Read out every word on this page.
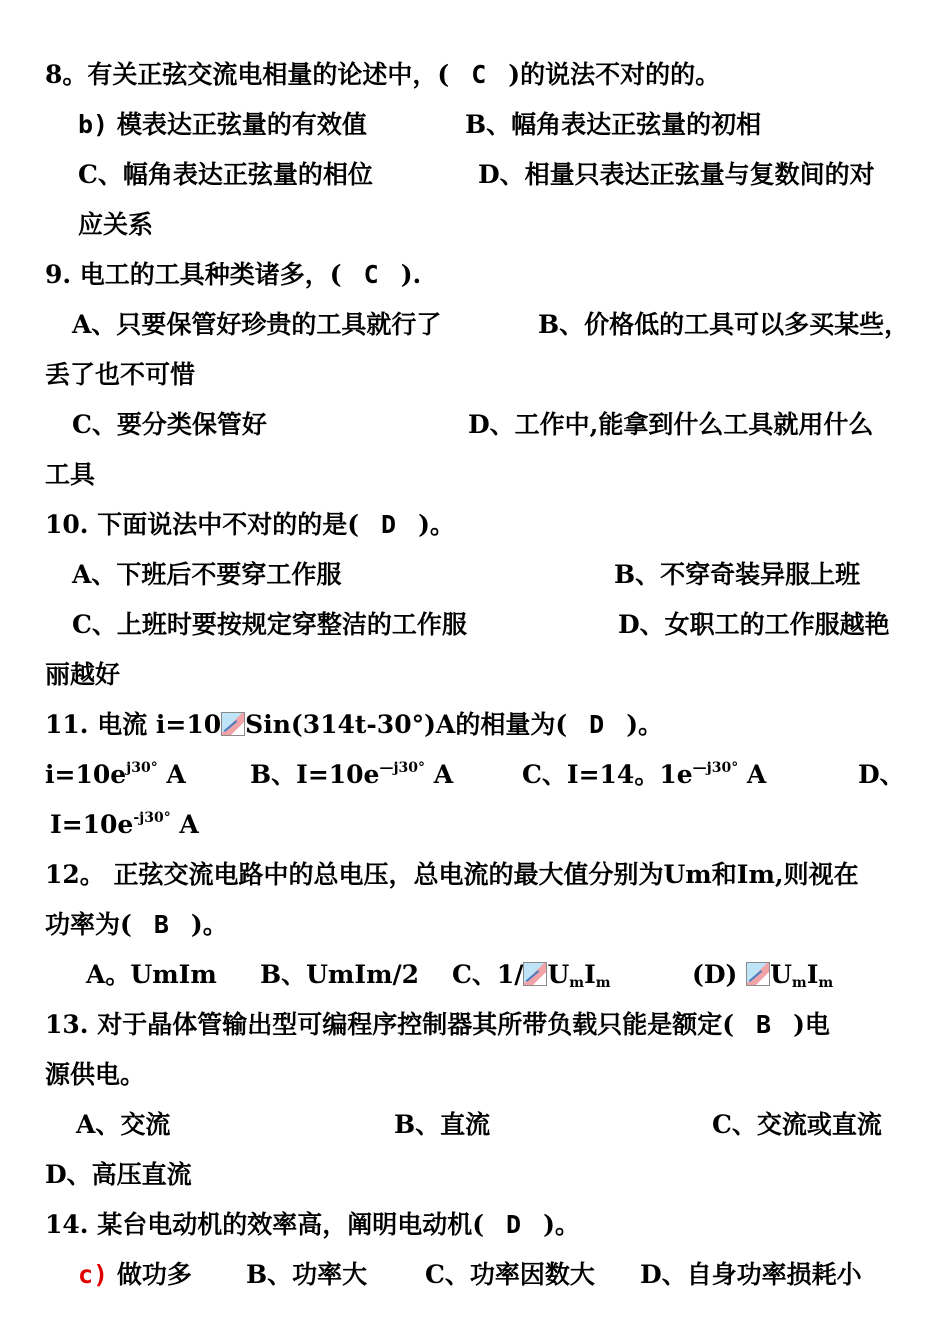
8。有关正弦交流电相量的论述中，( C )的说法不对的的。
b) 模表达正弦量的有效值	B、幅角表达正弦量的初相
C、幅角表达正弦量的相位	D、相量只表达正弦量与复数间的对
应关系
9. 电工的工具种类诸多，( C ).
A、只要保管好珍贵的工具就行了	B、价格低的工具可以多买某些，
丢了也不可惜
C、要分类保管好	D、工作中,能拿到什么工具就用什么
工具
10. 下面说法中不对的的是( D )。
A、下班后不要穿工作服	B、不穿奇装异服上班
C、上班时要按规定穿整洁的工作服	D、女职工的工作服越艳
丽越好
11. 电流 i=10 Sin(314t-30°)A的相量为( D )。
$i=10e^{j30^\circ}$ A	B、$I=10e^{—j30^\circ}$ A	C、I=14。$1e^{—j30^\circ}$ A	D、
$I=10e^{-j30^\circ}$ A
12。 正弦交流电路中的总电压，总电流的最大值分别为Um和Im,则视在
功率为( B )。
A。UmIm B、UmIm/2 C、1/ $U_mI_m$	(D) $U_mI_m$
13. 对于晶体管输出型可编程序控制器其所带负载只能是额定( B )电
源供电。
A、交流	B、直流	C、交流或直流
D、高压直流
14. 某台电动机的效率高，阐明电动机( D )。
c) 做功多 B、功率大 C、功率因数大 D、自身功率损耗小
